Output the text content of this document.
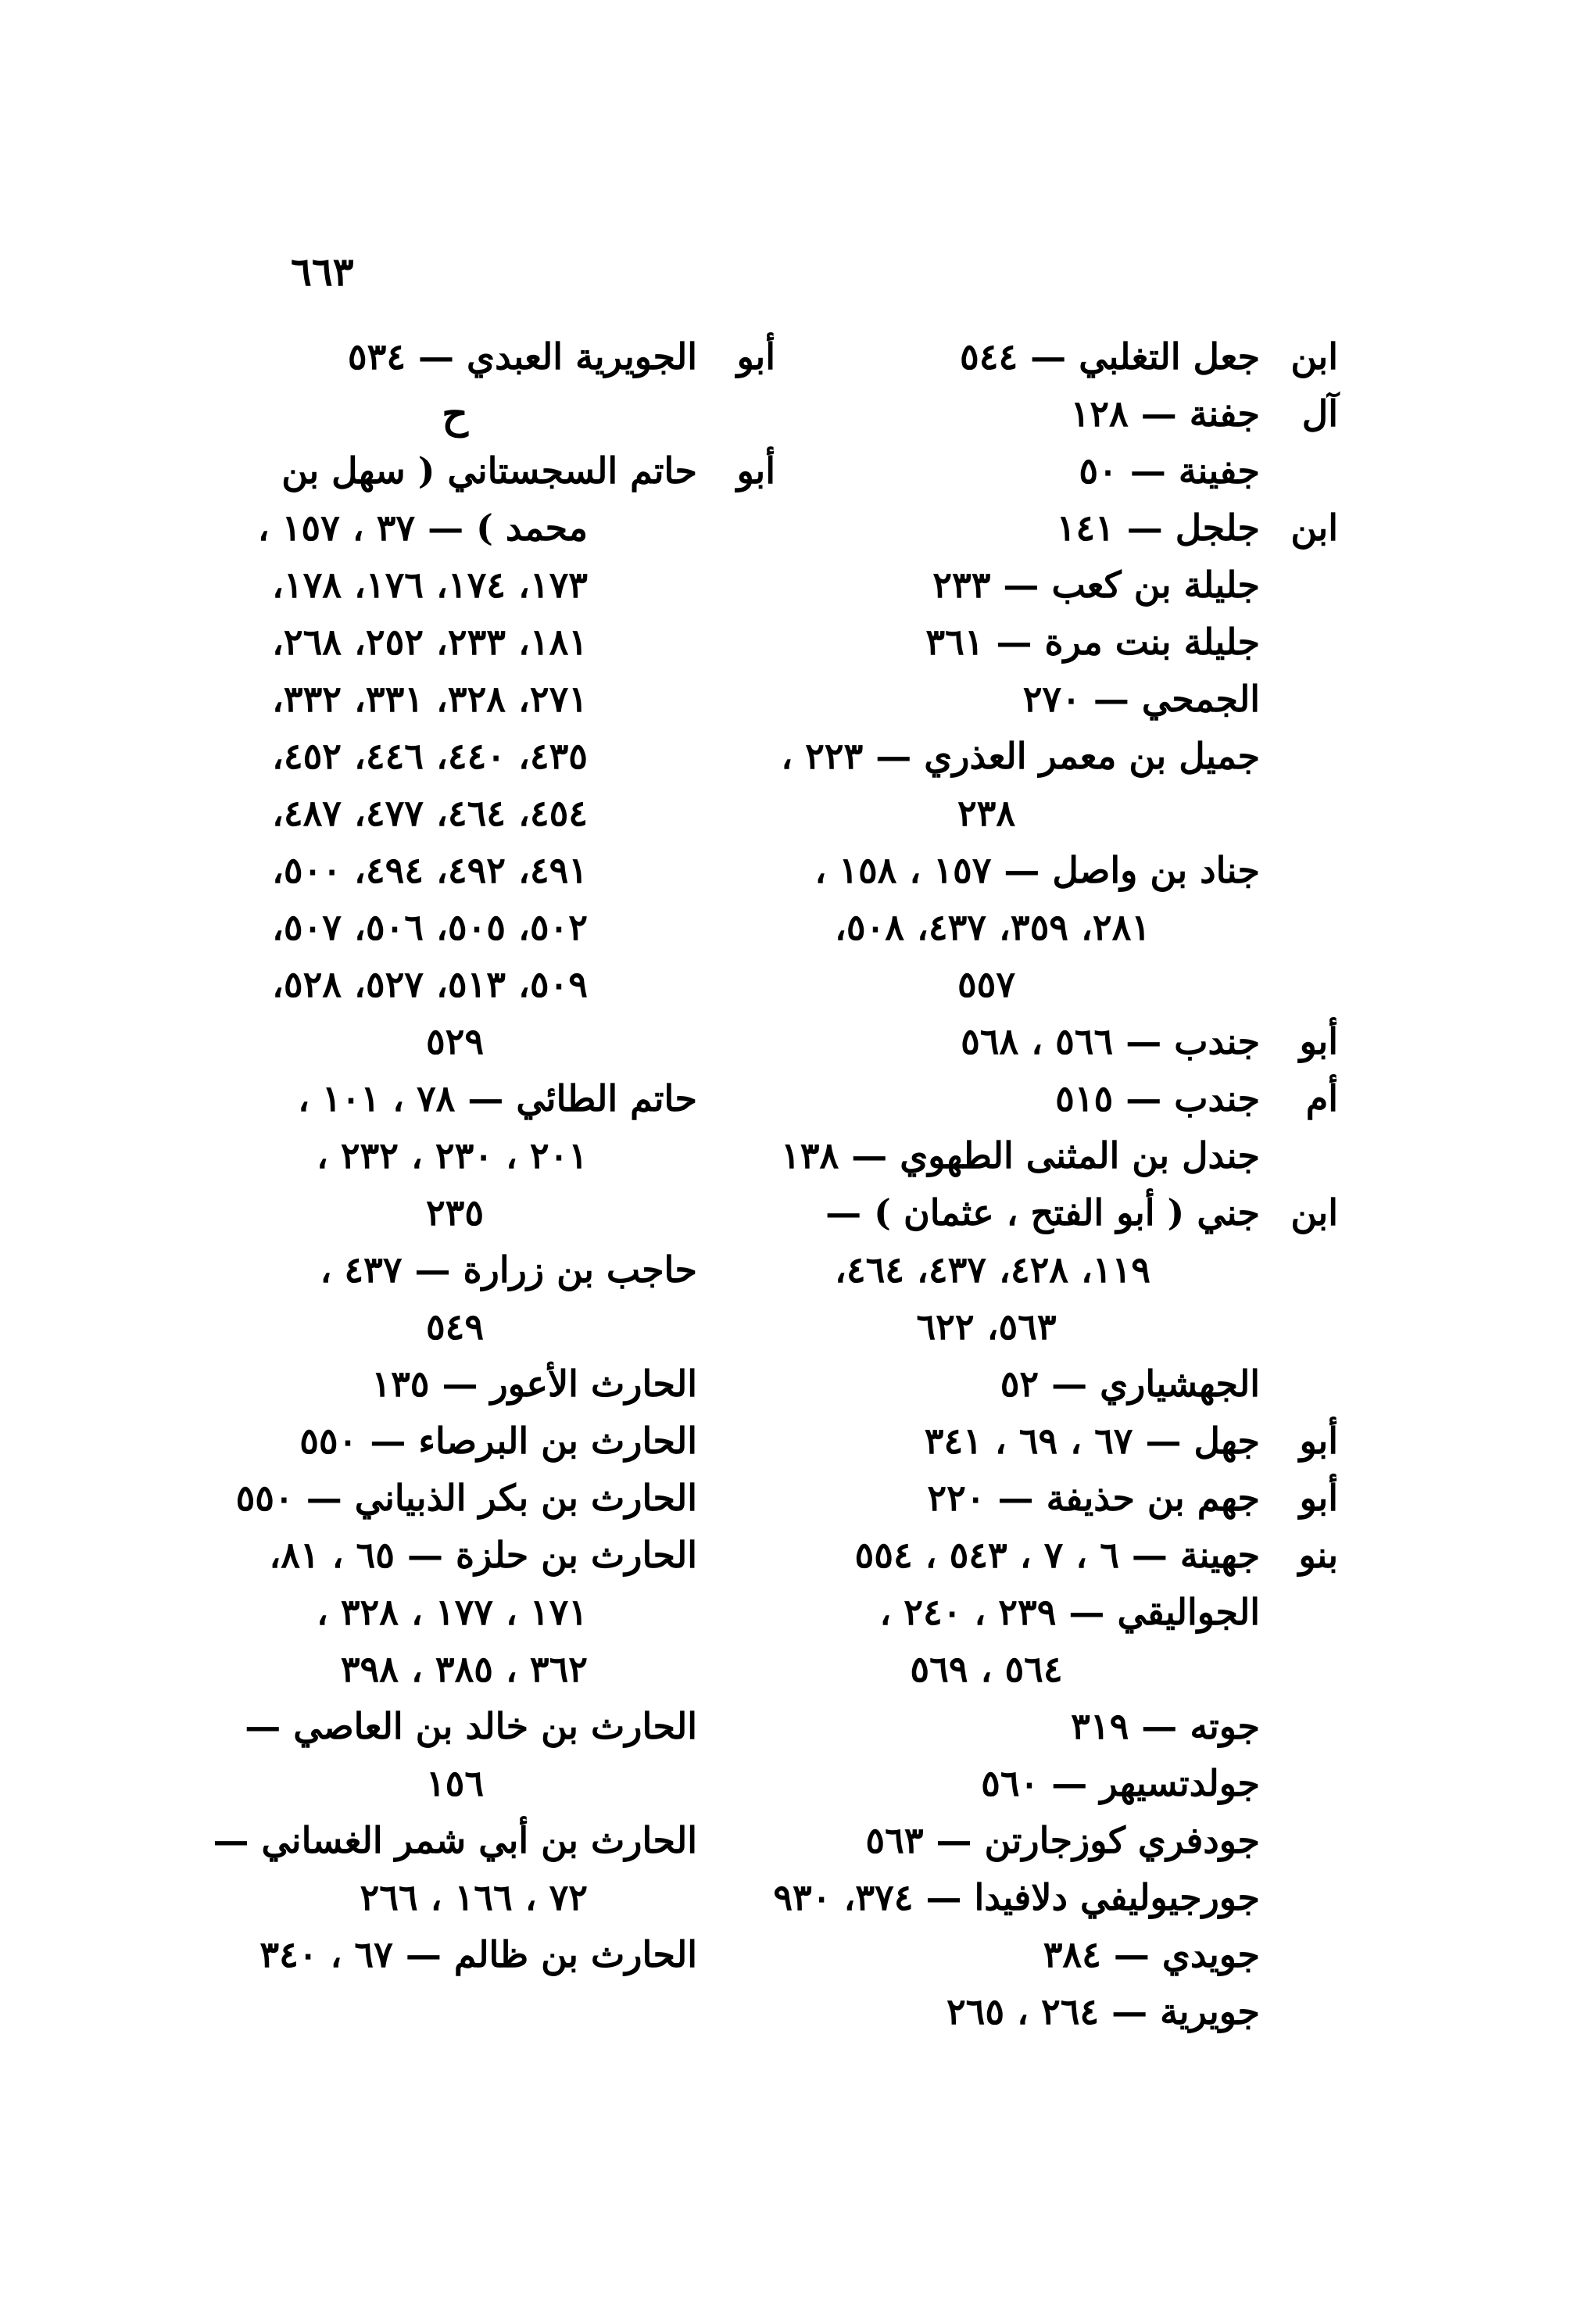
٦٦٣
ابن
جعل التغلبي — ٥٤٤
آل
جفنة — ١٢٨
جفينة — ٥٠
ابن
جلجل — ١٤١
جليلة بن كعب — ٢٣٣
جليلة بنت مرة — ٣٦١
الجمحي — ٢٧٠
جميل بن معمر العذري — ٢٢٣ ،
٢٣٨
جناد بن واصل — ١٥٧ ، ١٥٨ ،
٢٨١، ٣٥٩، ٤٣٧، ٥٠٨،
٥٥٧
أبو
جندب — ٥٦٦ ، ٥٦٨
أم
جندب — ٥١٥
جندل بن المثنى الطهوي — ١٣٨
ابن
جني ( أبو الفتح ، عثمان ) —
١١٩، ٤٢٨، ٤٣٧، ٤٦٤،
٥٦٣، ٦٢٢
الجهشياري — ٥٢
أبو
جهل — ٦٧ ، ٦٩ ، ٣٤١
أبو
جهم بن حذيفة — ٢٢٠
بنو
جهينة — ٦ ، ٧ ، ٥٤٣ ، ٥٥٤
الجواليقي — ٢٣٩ ، ٢٤٠ ،
٥٦٤ ، ٥٦٩
جوته — ٣١٩
جولدتسيهر — ٥٦٠
جودفري كوزجارتن — ٥٦٣
جورجيوليفي دلافيدا — ٣٧٤، ٩٣٠
جويدي — ٣٨٤
جويرية — ٢٦٤ ، ٢٦٥
أبو
الجويرية العبدي — ٥٣٤
ح
أبو
حاتم السجستاني ( سهل بن
محمد ) — ٣٧ ، ١٥٧ ،
١٧٣، ١٧٤، ١٧٦، ١٧٨،
١٨١، ٢٣٣، ٢٥٢، ٢٦٨،
٢٧١، ٣٢٨، ٣٣١، ٣٣٢،
٤٣٥، ٤٤٠، ٤٤٦، ٤٥٢،
٤٥٤، ٤٦٤، ٤٧٧، ٤٨٧،
٤٩١، ٤٩٢، ٤٩٤، ٥٠٠،
٥٠٢، ٥٠٥، ٥٠٦، ٥٠٧،
٥٠٩، ٥١٣، ٥٢٧، ٥٢٨،
٥٢٩
حاتم الطائي — ٧٨ ، ١٠١ ،
٢٠١ ، ٢٣٠ ، ٢٣٢ ،
٢٣٥
حاجب بن زرارة — ٤٣٧ ،
٥٤٩
الحارث الأعور — ١٣٥
الحارث بن البرصاء — ٥٥٠
الحارث بن بكر الذبياني — ٥٥٠
الحارث بن حلزة — ٦٥ ، ٨١،
١٧١ ، ١٧٧ ، ٣٢٨ ،
٣٦٢ ، ٣٨٥ ، ٣٩٨
الحارث بن خالد بن العاصي —
١٥٦
الحارث بن أبي شمر الغساني —
٧٢ ، ١٦٦ ، ٢٦٦
الحارث بن ظالم — ٦٧ ، ٣٤٠
